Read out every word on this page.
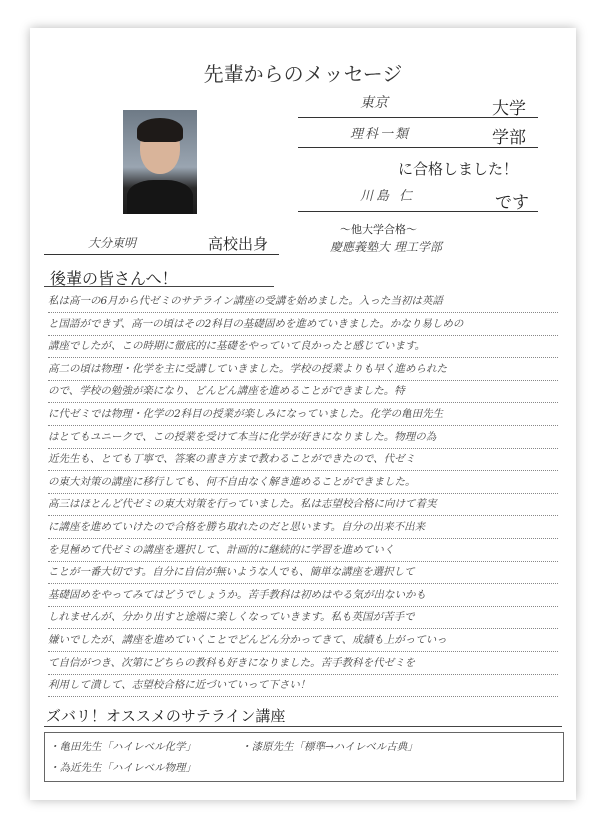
先輩からのメッセージ
東京	大学
理科一類	学部
に合格しました！
川島 仁	です
大分東明	高校出身
〜他大学合格〜
慶應義塾大 理工学部
後輩の皆さんへ！
私は高一の6月から代ゼミのサテライン講座の受講を始めました。入った当初は英語
と国語ができず、高一の頃はその2科目の基礎固めを進めていきました。かなり易しめの
講座でしたが、この時期に徹底的に基礎をやっていて良かったと感じています。
高二の頃は物理・化学を主に受講していきました。学校の授業よりも早く進められた
ので、学校の勉強が楽になり、どんどん講座を進めることができました。特
に代ゼミでは物理・化学の2科目の授業が楽しみになっていました。化学の亀田先生
はとてもユニークで、この授業を受けて本当に化学が好きになりました。物理の為
近先生も、とても丁寧で、答案の書き方まで教わることができたので、代ゼミ
の東大対策の講座に移行しても、何不自由なく解き進めることができました。
高三はほとんど代ゼミの東大対策を行っていました。私は志望校合格に向けて着実
に講座を進めていけたので合格を勝ち取れたのだと思います。自分の出来不出来
を見極めて代ゼミの講座を選択して、計画的に継続的に学習を進めていく
ことが一番大切です。自分に自信が無いような人でも、簡単な講座を選択して
基礎固めをやってみてはどうでしょうか。苦手教科は初めはやる気が出ないかも
しれませんが、分かり出すと途端に楽しくなっていきます。私も英国が苦手で
嫌いでしたが、講座を進めていくことでどんどん分かってきて、成績も上がっていっ
て自信がつき、次第にどちらの教科も好きになりました。苦手教科を代ゼミを
利用して潰して、志望校合格に近づいていって下さい！
ズバリ！オススメのサテライン講座
・亀田先生「ハイレベル化学」	・漆原先生「標準→ハイレベル古典」
・為近先生「ハイレベル物理」
